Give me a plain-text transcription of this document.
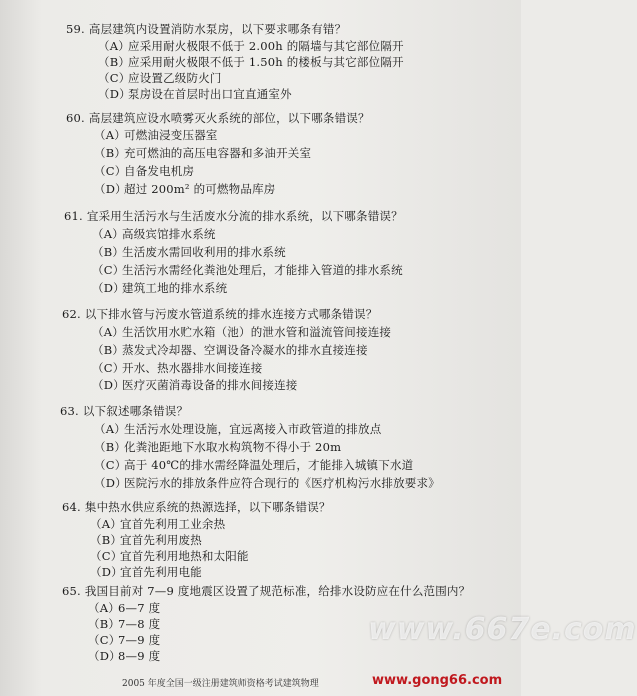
59. 高层建筑内设置消防水泵房，以下要求哪条有错？
（A）应采用耐火极限不低于 2.00h 的隔墙与其它部位隔开
（B）应采用耐火极限不低于 1.50h 的楼板与其它部位隔开
（C）应设置乙级防火门
（D）泵房设在首层时出口宜直通室外
60. 高层建筑应设水喷雾灭火系统的部位，以下哪条错误？
（A）可燃油浸变压器室
（B）充可燃油的高压电容器和多油开关室
（C）自备发电机房
（D）超过 200m² 的可燃物品库房
61. 宜采用生活污水与生活废水分流的排水系统，以下哪条错误？
（A）高级宾馆排水系统
（B）生活废水需回收利用的排水系统
（C）生活污水需经化粪池处理后，才能排入管道的排水系统
（D）建筑工地的排水系统
62. 以下排水管与污废水管道系统的排水连接方式哪条错误？
（A）生活饮用水贮水箱（池）的泄水管和溢流管间接连接
（B）蒸发式冷却器、空调设备冷凝水的排水直接连接
（C）开水、热水器排水间接连接
（D）医疗灭菌消毒设备的排水间接连接
63. 以下叙述哪条错误？
（A）生活污水处理设施，宜远离接入市政管道的排放点
（B）化粪池距地下水取水构筑物不得小于 20m
（C）高于 40℃的排水需经降温处理后，才能排入城镇下水道
（D）医院污水的排放条件应符合现行的《医疗机构污水排放要求》
64. 集中热水供应系统的热源选择，以下哪条错误？
（A）宜首先利用工业余热
（B）宜首先利用废热
（C）宜首先利用地热和太阳能
（D）宜首先利用电能
65. 我国目前对 7—9 度地震区设置了规范标准，给排水设防应在什么范围内？
（A）6—7 度
（B）7—8 度
（C）7—9 度
（D）8—9 度
2005 年度全国一级注册建筑师资格考试建筑物理
www.667e.com
www.gong66.com
